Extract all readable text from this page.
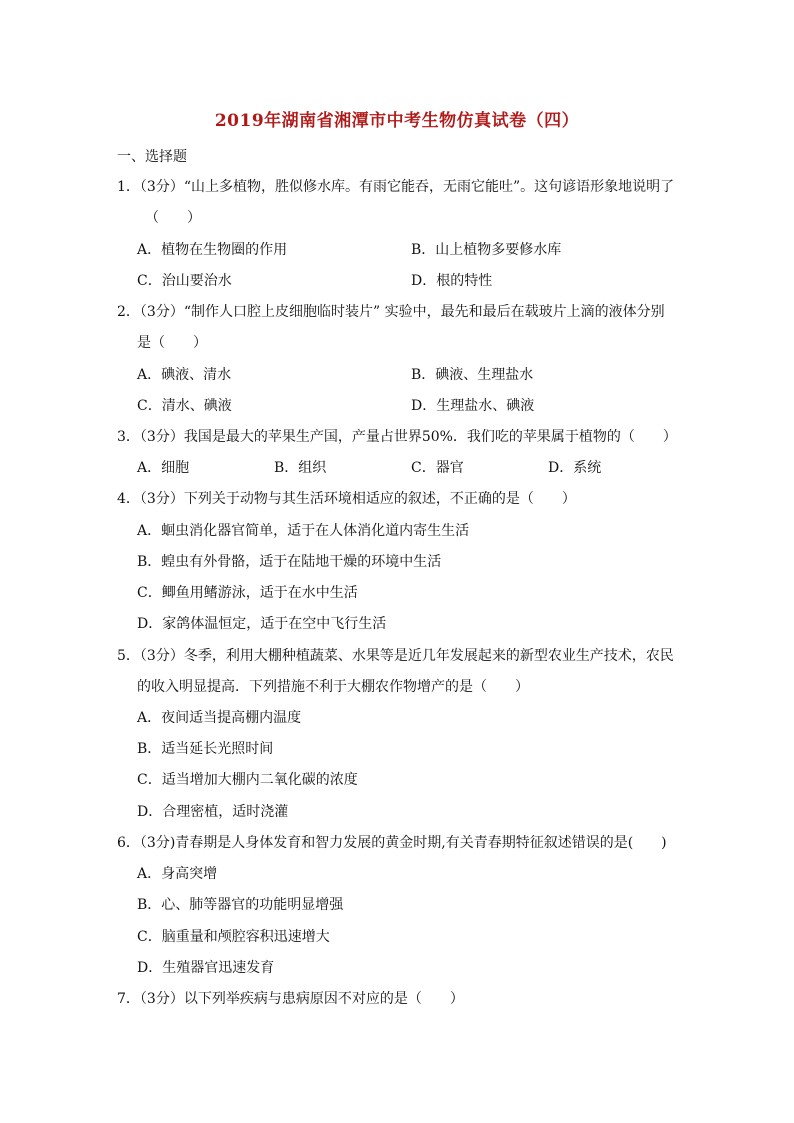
2019年湖南省湘潭市中考生物仿真试卷（四）
一、选择题
1．（3分）“山上多植物，胜似修水库。有雨它能吞，无雨它能吐”。这句谚语形象地说明了
（　　）
A．植物在生物圈的作用	B．山上植物多要修水库
C．治山要治水	D．根的特性
2．（3分）“制作人口腔上皮细胞临时装片” 实验中，最先和最后在载玻片上滴的液体分别
是（　　）
A．碘液、清水	B．碘液、生理盐水
C．清水、碘液	D．生理盐水、碘液
3．（3分）我国是最大的苹果生产国，产量占世界50%．我们吃的苹果属于植物的（　　）
A．细胞	B．组织	C．器官	D．系统
4．（3分）下列关于动物与其生活环境相适应的叙述，不正确的是（　　）
A．蛔虫消化器官简单，适于在人体消化道内寄生生活
B．蝗虫有外骨骼，适于在陆地干燥的环境中生活
C．鲫鱼用鳍游泳，适于在水中生活
D．家鸽体温恒定，适于在空中飞行生活
5．（3分）冬季，利用大棚种植蔬菜、水果等是近几年发展起来的新型农业生产技术，农民
的收入明显提高．下列措施不利于大棚农作物增产的是（　　）
A．夜间适当提高棚内温度
B．适当延长光照时间
C．适当增加大棚内二氧化碳的浓度
D．合理密植，适时浇灌
6．（3分)青春期是人身体发育和智力发展的黄金时期,有关青春期特征叙述错误的是(　　)
A．身高突增
B．心、肺等器官的功能明显增强
C．脑重量和颅腔容积迅速增大
D．生殖器官迅速发育
7．（3分）以下列举疾病与患病原因不对应的是（　　）
